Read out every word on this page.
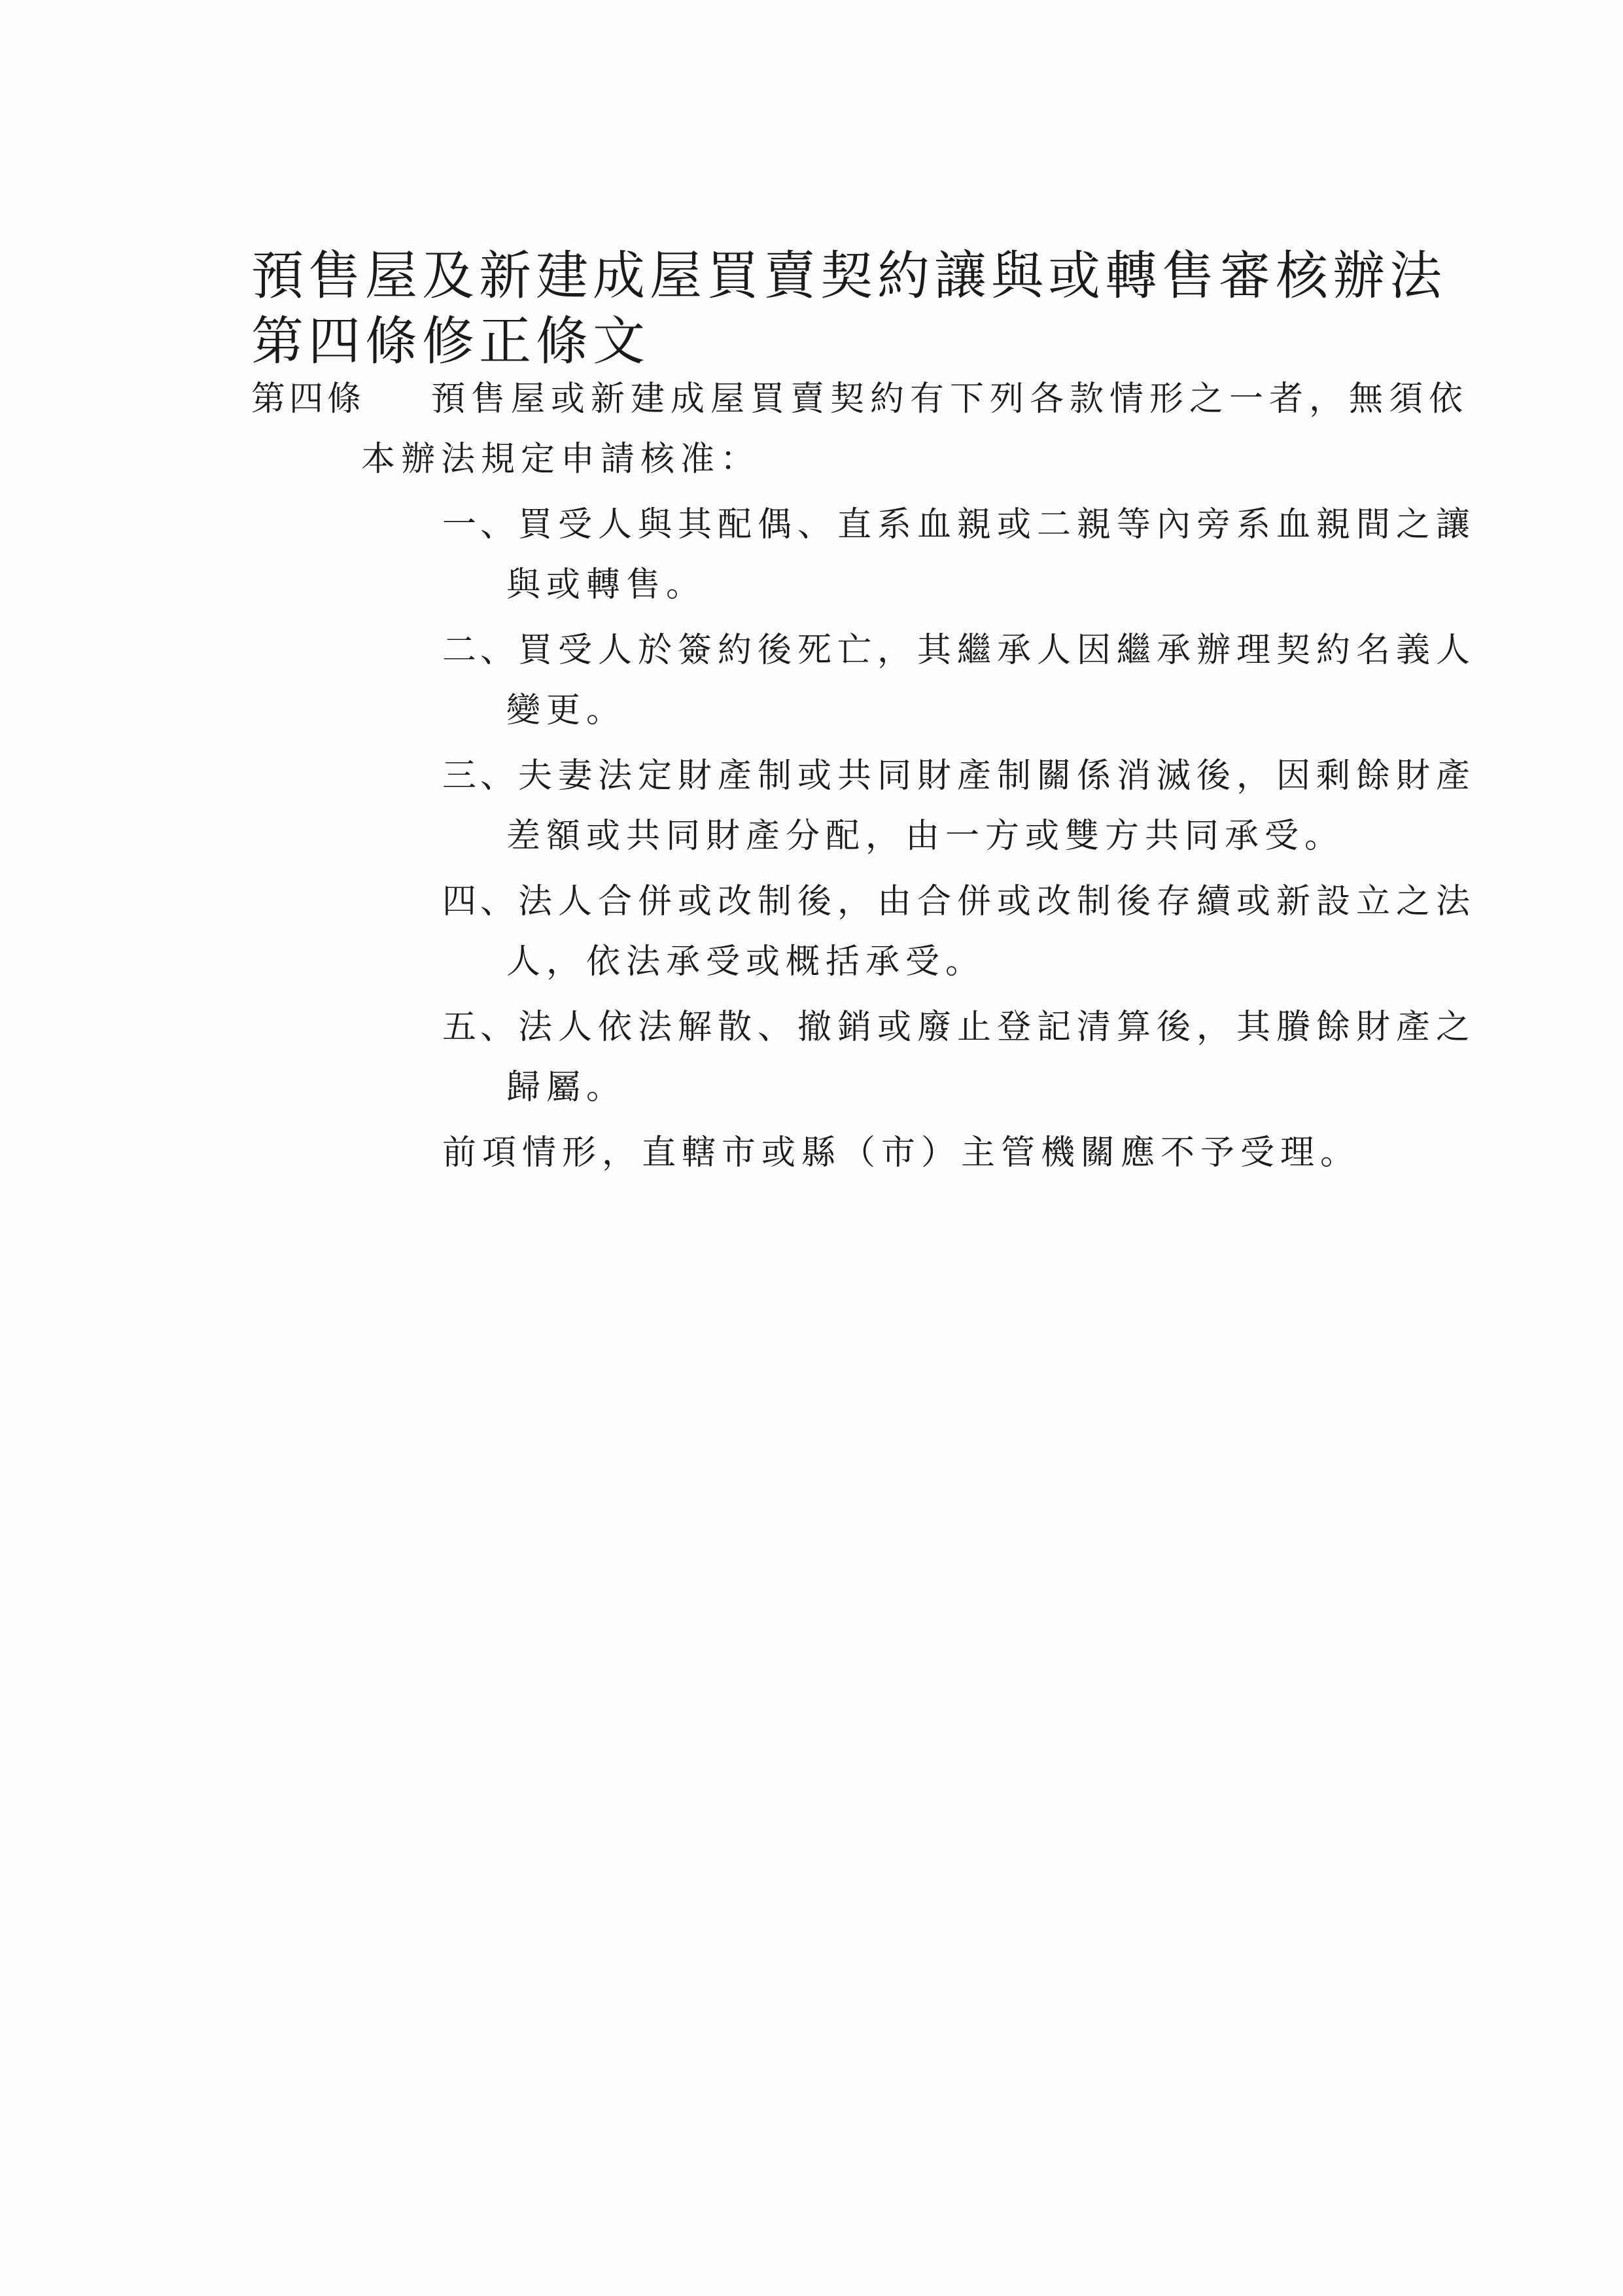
預售屋及新建成屋買賣契約讓與或轉售審核辦法
第四條修正條文
第四條 預售屋或新建成屋買賣契約有下列各款情形之一者，無須依
本辦法規定申請核准：
一、買受人與其配偶、直系血親或二親等內旁系血親間之讓
與或轉售。
二、買受人於簽約後死亡，其繼承人因繼承辦理契約名義人
變更。
三、夫妻法定財產制或共同財產制關係消滅後，因剩餘財產
差額或共同財產分配，由一方或雙方共同承受。
四、法人合併或改制後，由合併或改制後存續或新設立之法
人，依法承受或概括承受。
五、法人依法解散、撤銷或廢止登記清算後，其賸餘財產之
歸屬。
前項情形，直轄市或縣（市）主管機關應不予受理。
